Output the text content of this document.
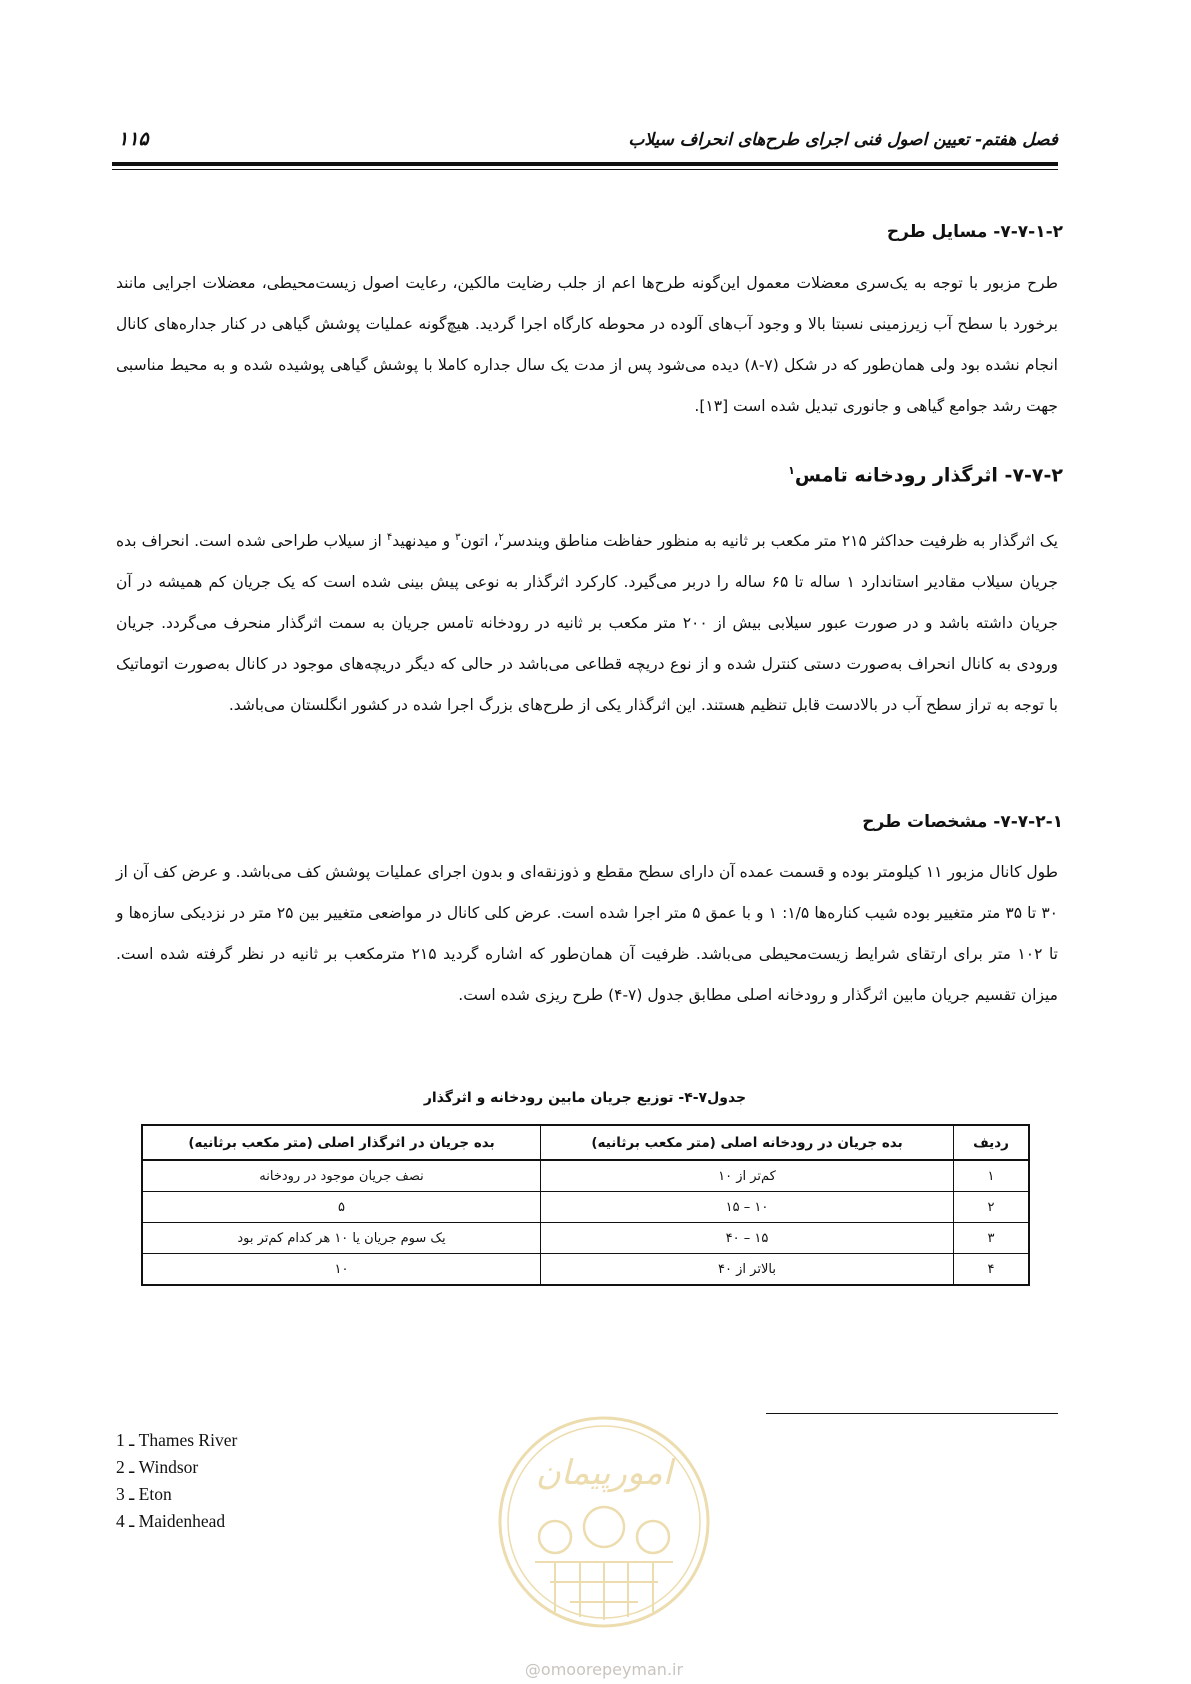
فصل هفتم- تعیین اصول فنی اجرای طرح‌های انحراف سیلاب
۱۱۵
۷-۷-۱-۲- مسایل طرح
طرح مزبور با توجه به یک‌سری معضلات معمول این‌گونه طرح‌ها اعم از جلب رضایت مالکین، رعایت اصول زیست‌محیطی، معضلات اجرایی مانند برخورد با سطح آب زیرزمینی نسبتا بالا و وجود آب‌های آلوده در محوطه کارگاه اجرا گردید. هیچ‌گونه عملیات پوشش گیاهی در کنار جداره‌های کانال انجام نشده بود ولی همان‌طور که در شکل (۷-۸) دیده می‌شود پس از مدت یک سال جداره کاملا با پوشش گیاهی پوشیده شده و به محیط مناسبی جهت رشد جوامع گیاهی و جانوری تبدیل شده است [۱۳].
۷-۷-۲- اثرگذار رودخانه تامس$^۱$
یک اثرگذار به ظرفیت حداکثر ۲۱۵ متر مکعب بر ثانیه به منظور حفاظت مناطق ویندسر$^۲$، اتون$^۳$ و میدنهید$^۴$ از سیلاب طراحی شده است. انحراف بده جریان سیلاب مقادیر استاندارد ۱ ساله تا ۶۵ ساله را دربر می‌گیرد. کارکرد اثرگذار به نوعی پیش بینی شده است که یک جریان کم همیشه در آن جریان داشته باشد و در صورت عبور سیلابی بیش از ۲۰۰ متر مکعب بر ثانیه در رودخانه تامس جریان به سمت اثرگذار منحرف می‌گردد. جریان ورودی به کانال انحراف به‌صورت دستی کنترل شده و از نوع دریچه قطاعی می‌باشد در حالی که دیگر دریچه‌های موجود در کانال به‌صورت اتوماتیک با توجه به تراز سطح آب در بالادست قابل تنظیم هستند. این اثرگذار یکی از طرح‌های بزرگ اجرا شده در کشور انگلستان می‌باشد.
۷-۷-۲-۱- مشخصات طرح
طول کانال مزبور ۱۱ کیلومتر بوده و قسمت عمده آن دارای سطح مقطع و ذوزنقه‌ای و بدون اجرای عملیات پوشش کف می‌باشد. و عرض کف آن از ۳۰ تا ۳۵ متر متغییر بوده شیب کناره‌ها ۱/۵: ۱ و با عمق ۵ متر اجرا شده است. عرض کلی کانال در مواضعی متغییر بین ۲۵ متر در نزدیکی سازه‌ها و تا ۱۰۲ متر برای ارتقای شرایط زیست‌محیطی می‌باشد. ظرفیت آن همان‌طور که اشاره گردید ۲۱۵ مترمکعب بر ثانیه در نظر گرفته شده است. میزان تقسیم جریان مابین اثرگذار و رودخانه اصلی مطابق جدول (۷-۴) طرح ریزی شده است.
جدول۷-۴- توزیع جریان مابین رودخانه و اثرگذار
ردیف	بده جریان در رودخانه اصلی (متر مکعب برثانیه)	بده جریان در اثرگذار اصلی (متر مکعب برثانیه)
۱	کم‌تر از ۱۰	نصف جریان موجود در رودخانه
۲	۱۰ – ۱۵	۵
۳	۱۵ – ۴۰	یک سوم جریان یا ۱۰ هر کدام کم‌تر بود
۴	بالاتر از ۴۰	۱۰
1 ـ Thames River
2 ـ Windsor
3 ـ Eton
4 ـ Maidenhead
امورپیمان
@omoorepeyman.ir
